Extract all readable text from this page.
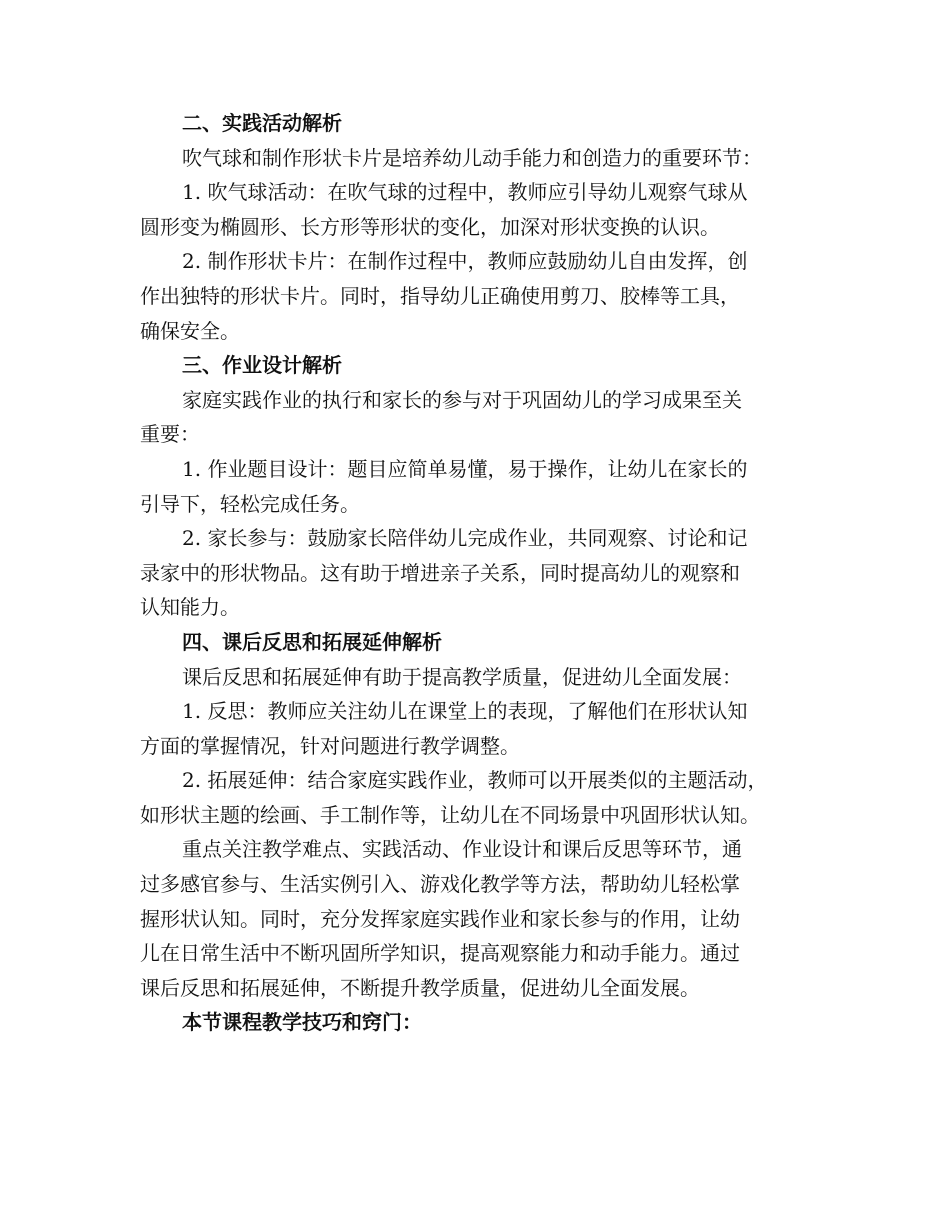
二、实践活动解析

吹气球和制作形状卡片是培养幼儿动手能力和创造力的重要环节：

1. 吹气球活动：在吹气球的过程中，教师应引导幼儿观察气球从

圆形变为椭圆形、长方形等形状的变化，加深对形状变换的认识。

2. 制作形状卡片：在制作过程中，教师应鼓励幼儿自由发挥，创

作出独特的形状卡片。同时，指导幼儿正确使用剪刀、胶棒等工具，

确保安全。

三、作业设计解析

家庭实践作业的执行和家长的参与对于巩固幼儿的学习成果至关

重要：

1. 作业题目设计：题目应简单易懂，易于操作，让幼儿在家长的

引导下，轻松完成任务。

2. 家长参与：鼓励家长陪伴幼儿完成作业，共同观察、讨论和记

录家中的形状物品。这有助于增进亲子关系，同时提高幼儿的观察和

认知能力。

四、课后反思和拓展延伸解析

课后反思和拓展延伸有助于提高教学质量，促进幼儿全面发展：

1. 反思：教师应关注幼儿在课堂上的表现，了解他们在形状认知

方面的掌握情况，针对问题进行教学调整。

2. 拓展延伸：结合家庭实践作业，教师可以开展类似的主题活动，

如形状主题的绘画、手工制作等，让幼儿在不同场景中巩固形状认知。

重点关注教学难点、实践活动、作业设计和课后反思等环节，通

过多感官参与、生活实例引入、游戏化教学等方法，帮助幼儿轻松掌

握形状认知。同时，充分发挥家庭实践作业和家长参与的作用，让幼

儿在日常生活中不断巩固所学知识，提高观察能力和动手能力。通过

课后反思和拓展延伸，不断提升教学质量，促进幼儿全面发展。

本节课程教学技巧和窍门：
